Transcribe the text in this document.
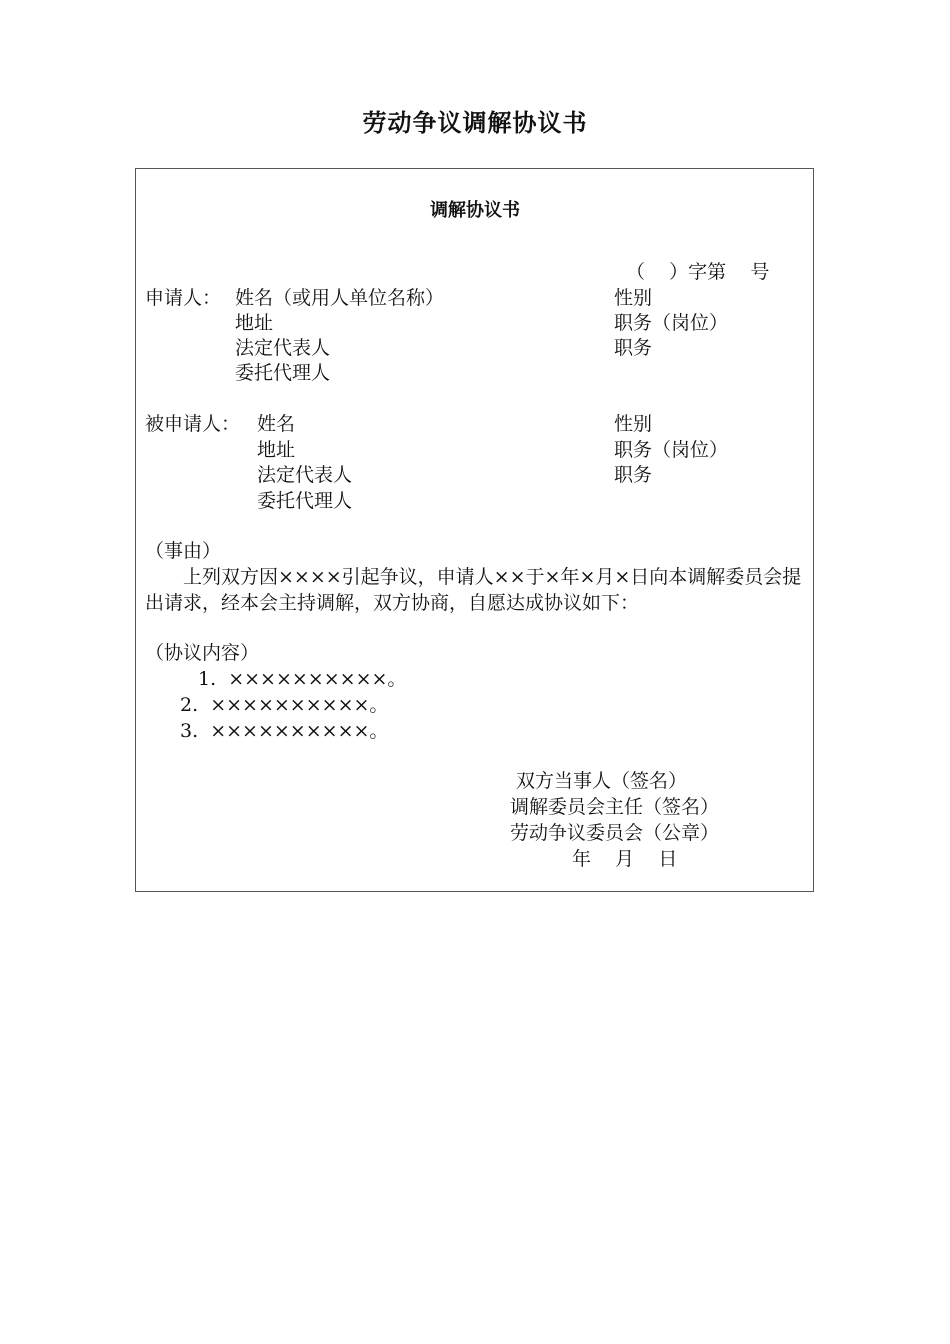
劳动争议调解协议书
调解协议书
（    ）字第    号
申请人： 姓名（或用人单位名称）
地址
法定代表人
委托代理人
性别
职务（岗位）
职务
被申请人： 姓名
地址
法定代表人
委托代理人
性别
职务（岗位）
职务
（事由）
上列双方因××××引起争议，申请人××于×年×月×日向本调解委员会提出请求，经本会主持调解，双方协商，自愿达成协议如下：
（协议内容）
1.  ××××××××××。
2.  ××××××××××。
3.  ××××××××××。
双方当事人（签名）
调解委员会主任（签名）
劳动争议委员会（公章）
年    月    日
